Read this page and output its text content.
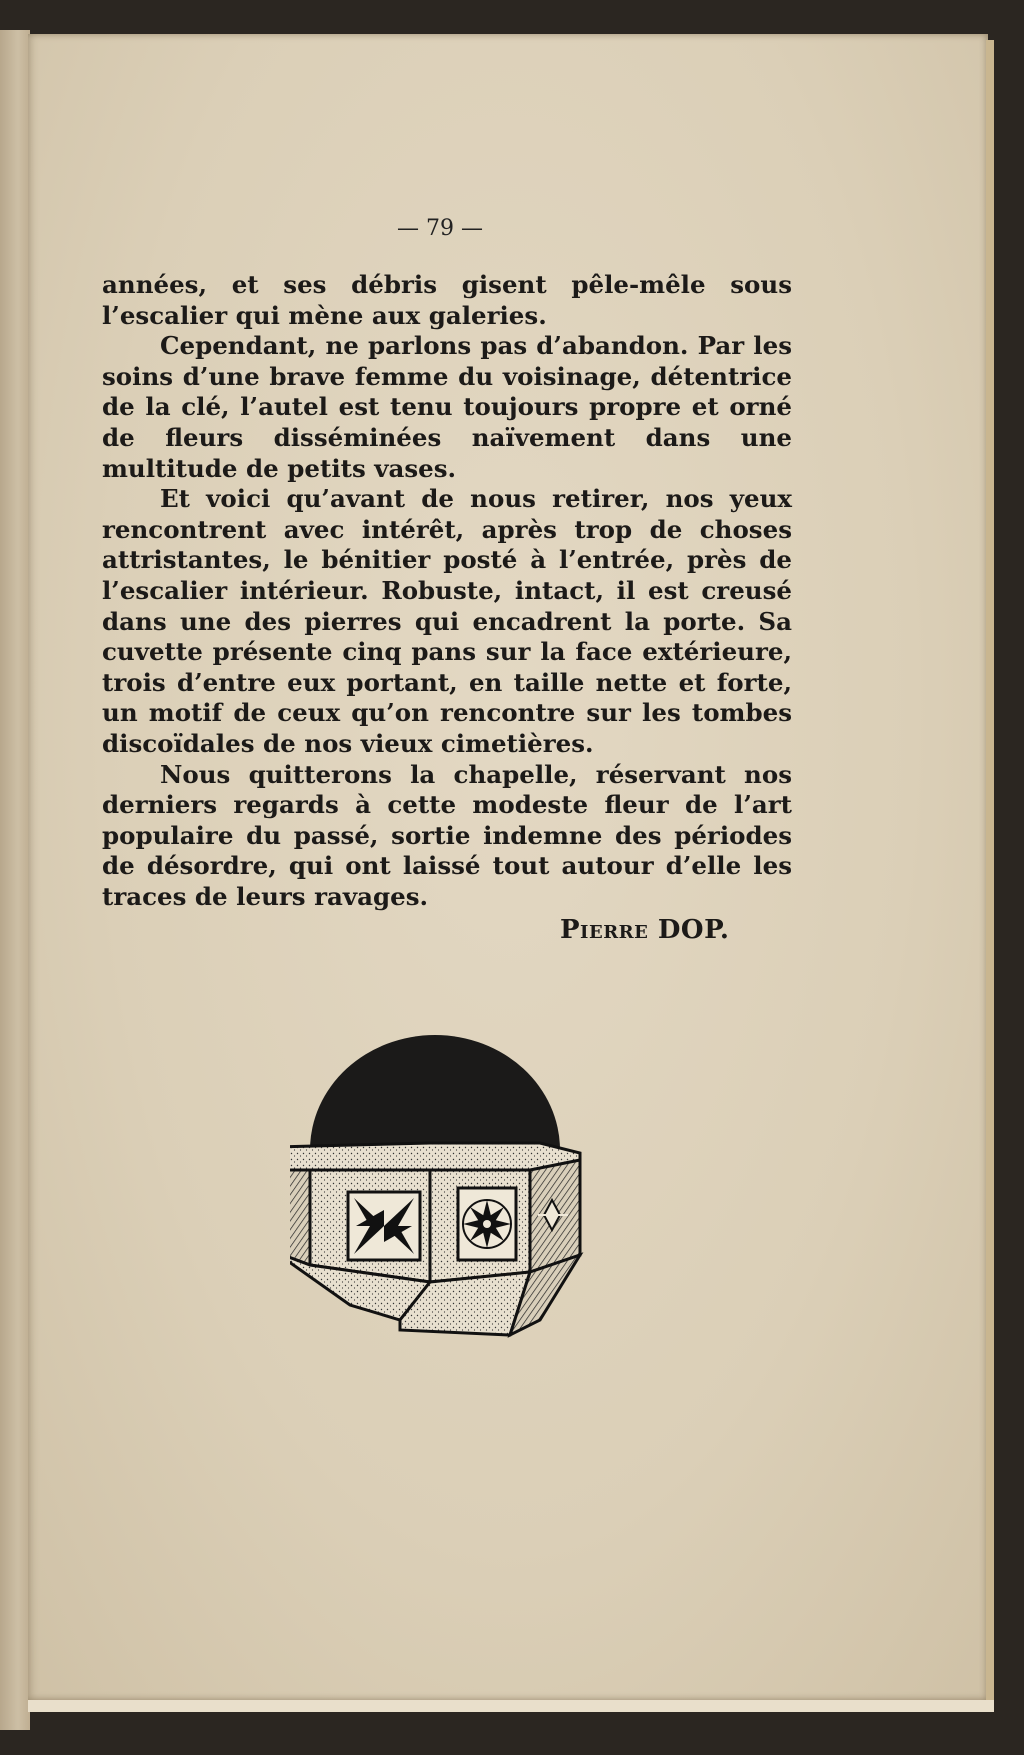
— 79 —

années, et ses débris gisent pêle-mêle sous l’escalier qui mène aux galeries.

Cependant, ne parlons pas d’abandon. Par les soins d’une brave femme du voisinage, détentrice de la clé, l’autel est tenu toujours propre et orné de fleurs disséminées naïvement dans une multitude de petits vases.

Et voici qu’avant de nous retirer, nos yeux rencontrent avec intérêt, après trop de choses attristantes, le bénitier posté à l’entrée, près de l’escalier intérieur. Robuste, intact, il est creusé dans une des pierres qui encadrent la porte. Sa cuvette présente cinq pans sur la face extérieure, trois d’entre eux portant, en taille nette et forte, un motif de ceux qu’on rencontre sur les tombes discoïdales de nos vieux cimetières.

Nous quitterons la chapelle, réservant nos derniers regards à cette modeste fleur de l’art populaire du passé, sortie indemne des périodes de désordre, qui ont laissé tout autour d’elle les traces de leurs ravages.

Pierre DOP.
